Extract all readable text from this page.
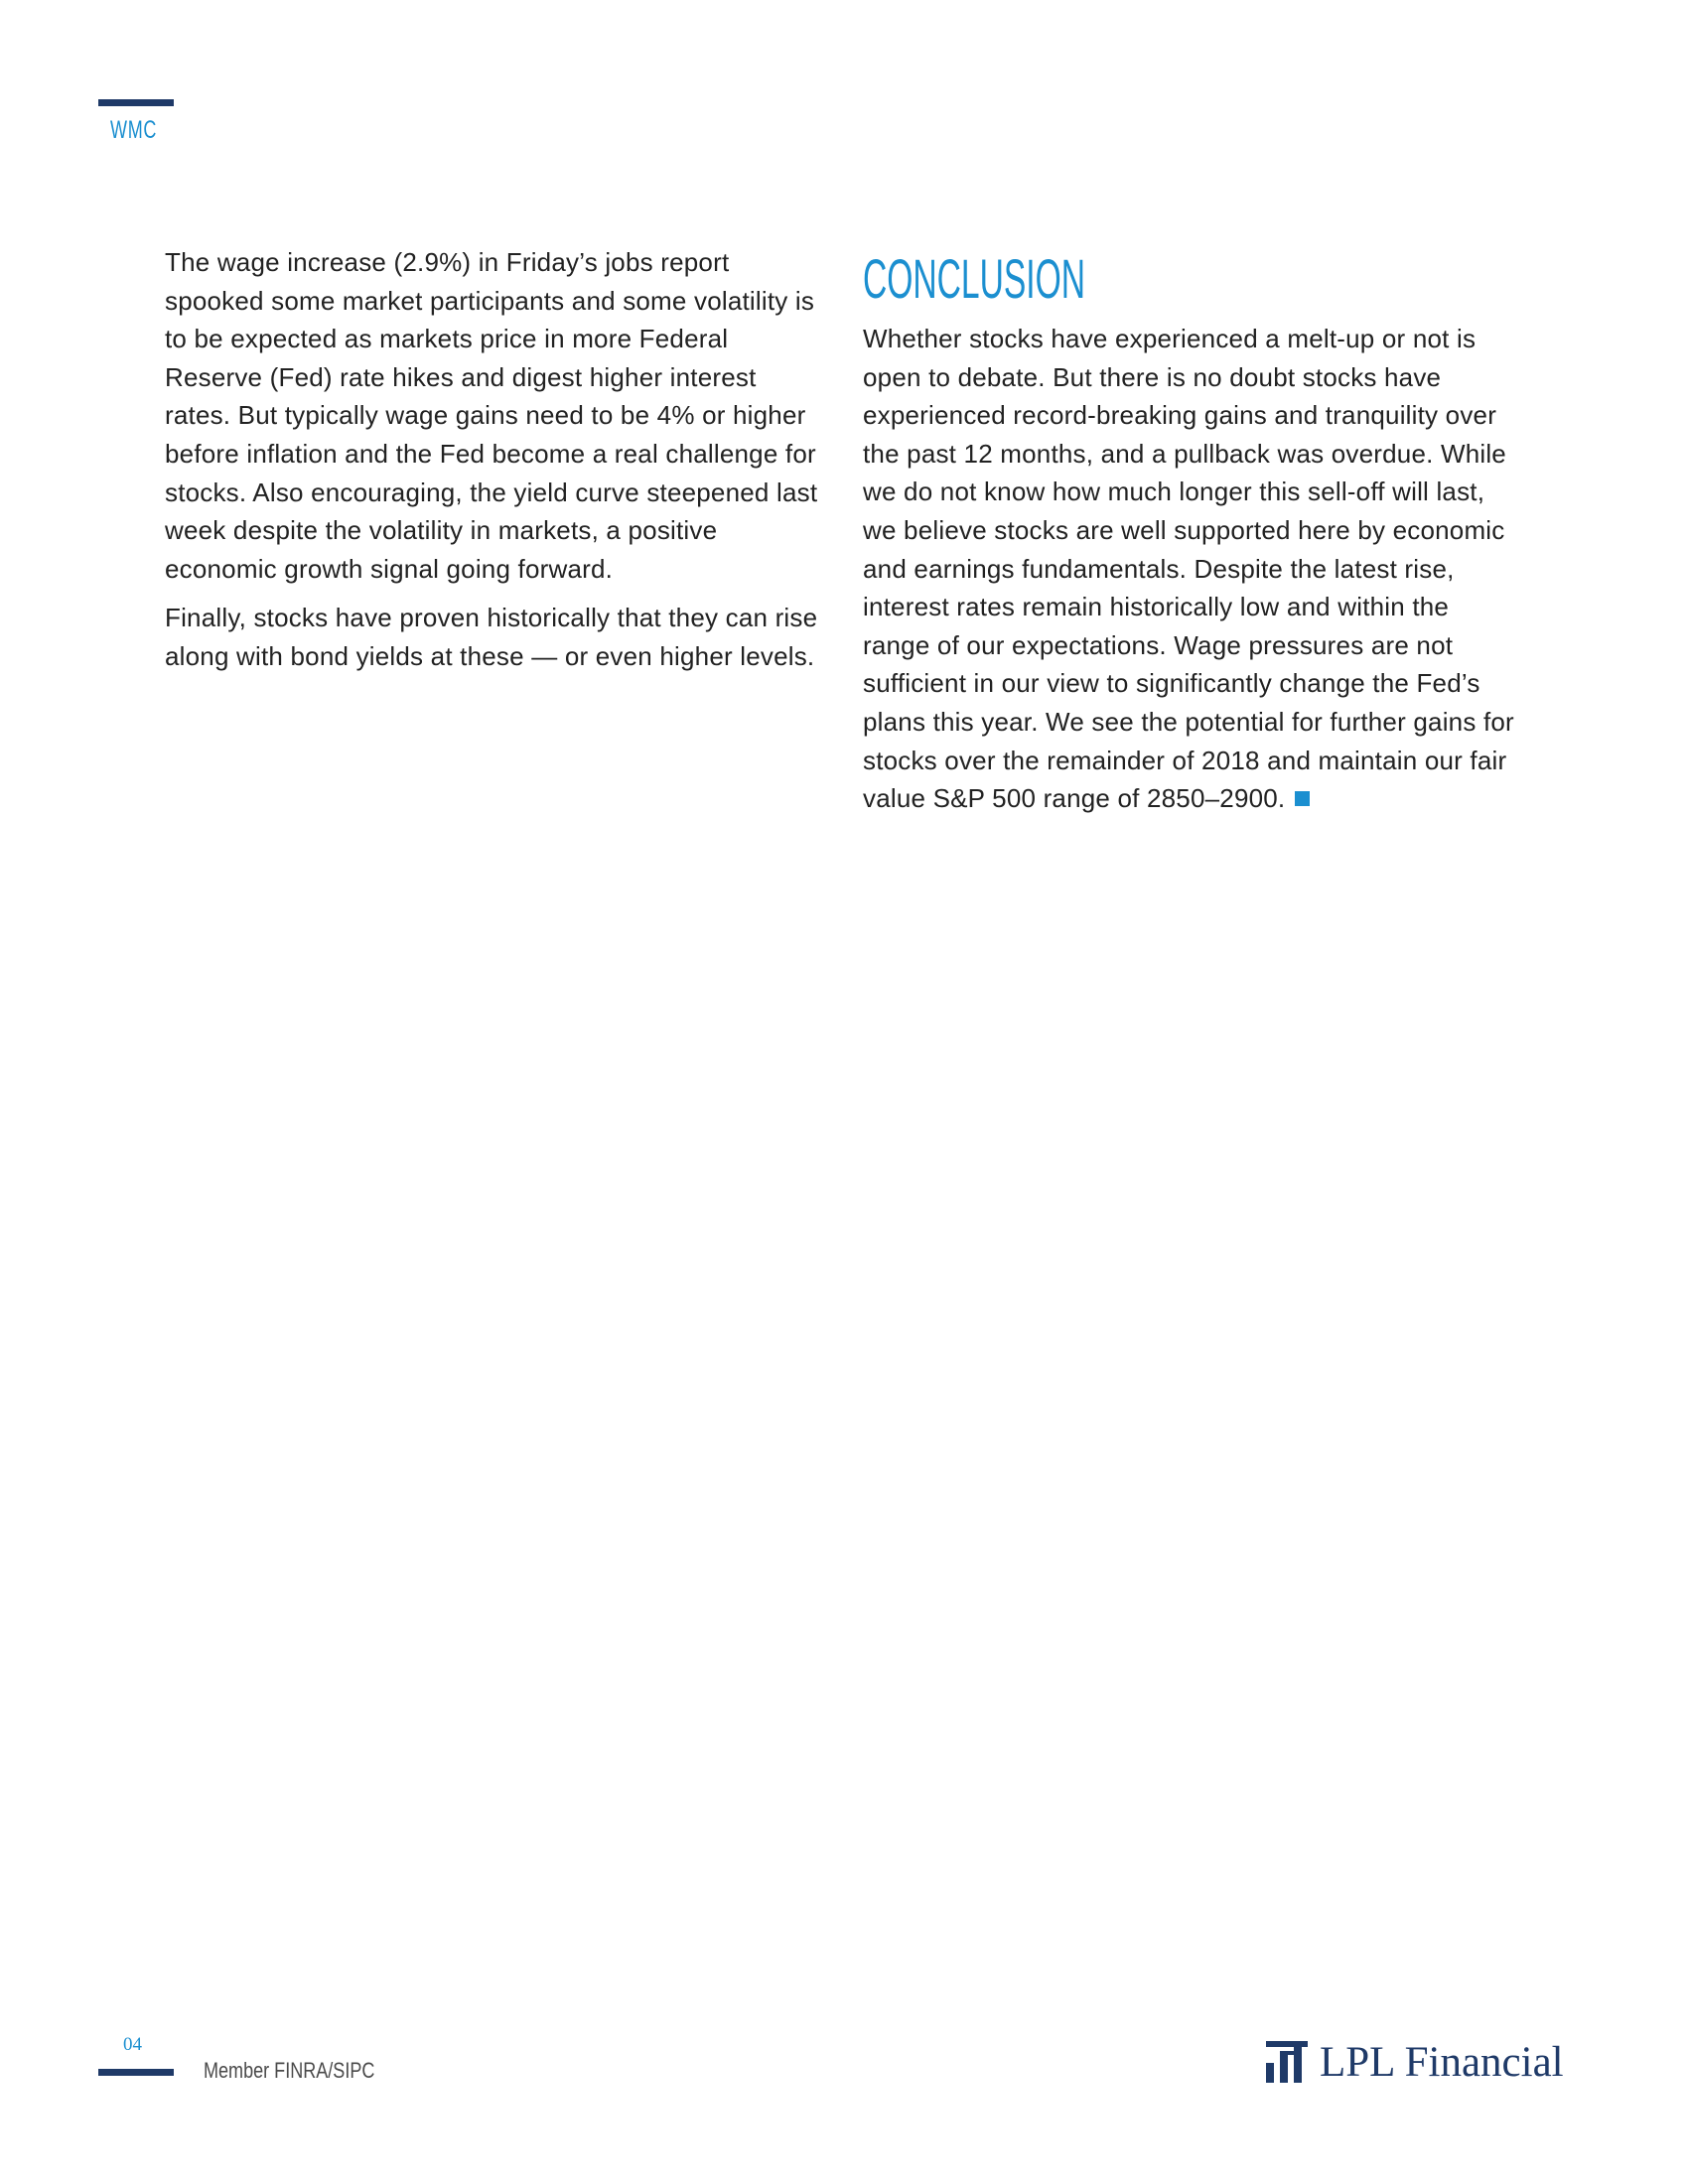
WMC

The wage increase (2.9%) in Friday’s jobs report spooked some market participants and some volatility is to be expected as markets price in more Federal Reserve (Fed) rate hikes and digest higher interest rates. But typically wage gains need to be 4% or higher before inflation and the Fed become a real challenge for stocks. Also encouraging, the yield curve steepened last week despite the volatility in markets, a positive economic growth signal going forward.

Finally, stocks have proven historically that they can rise along with bond yields at these — or even higher levels.

CONCLUSION

Whether stocks have experienced a melt-up or not is open to debate. But there is no doubt stocks have experienced record-breaking gains and tranquility over the past 12 months, and a pullback was overdue. While we do not know how much longer this sell-off will last, we believe stocks are well supported here by economic and earnings fundamentals. Despite the latest rise, interest rates remain historically low and within the range of our expectations. Wage pressures are not sufficient in our view to significantly change the Fed’s plans this year. We see the potential for further gains for stocks over the remainder of 2018 and maintain our fair value S&P 500 range of 2850–2900.

04
Member FINRA/SIPC	LPL Financial
